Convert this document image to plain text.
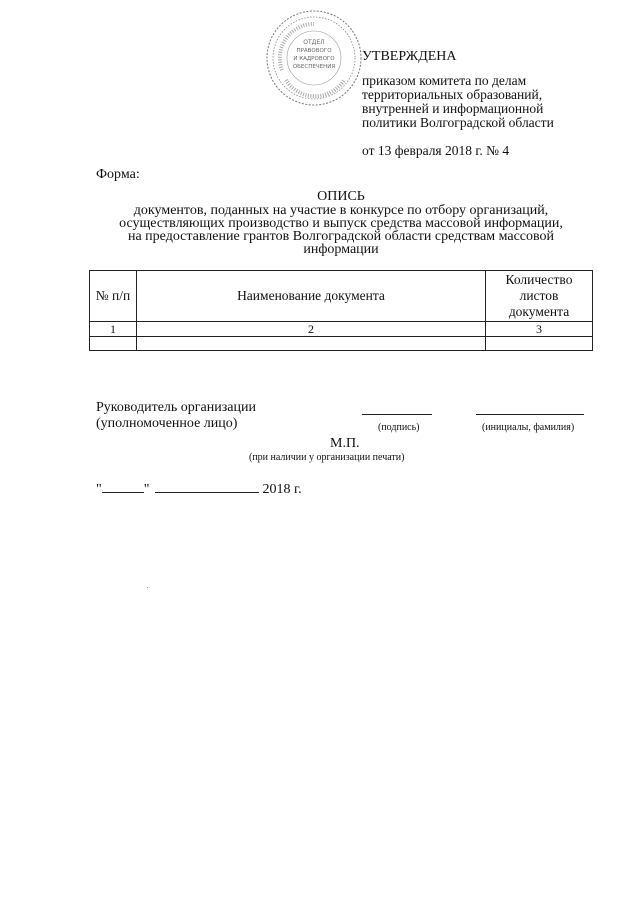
ОТДЕЛ
ПРАВОВОГО
И КАДРОВОГО
ОБЕСПЕЧЕНИЯ
УТВЕРЖДЕНА
приказом комитета по делам
территориальных образований,
внутренней и информационной
политики Волгоградской области
от 13 февраля 2018 г. № 4
Форма:
ОПИСЬ
документов, поданных на участие в конкурсе по отбору организаций,
осуществляющих производство и выпуск средства массовой информации,
на предоставление грантов Волгоградской области средствам массовой
информации
№ п/п	Наименование документа	Количество листов документа
1	2	3

Руководитель организации
(уполномоченное лицо)	(подпись)	(инициалы, фамилия)
М.П.
(при наличии у организации печати)
"	"	2018 г.
